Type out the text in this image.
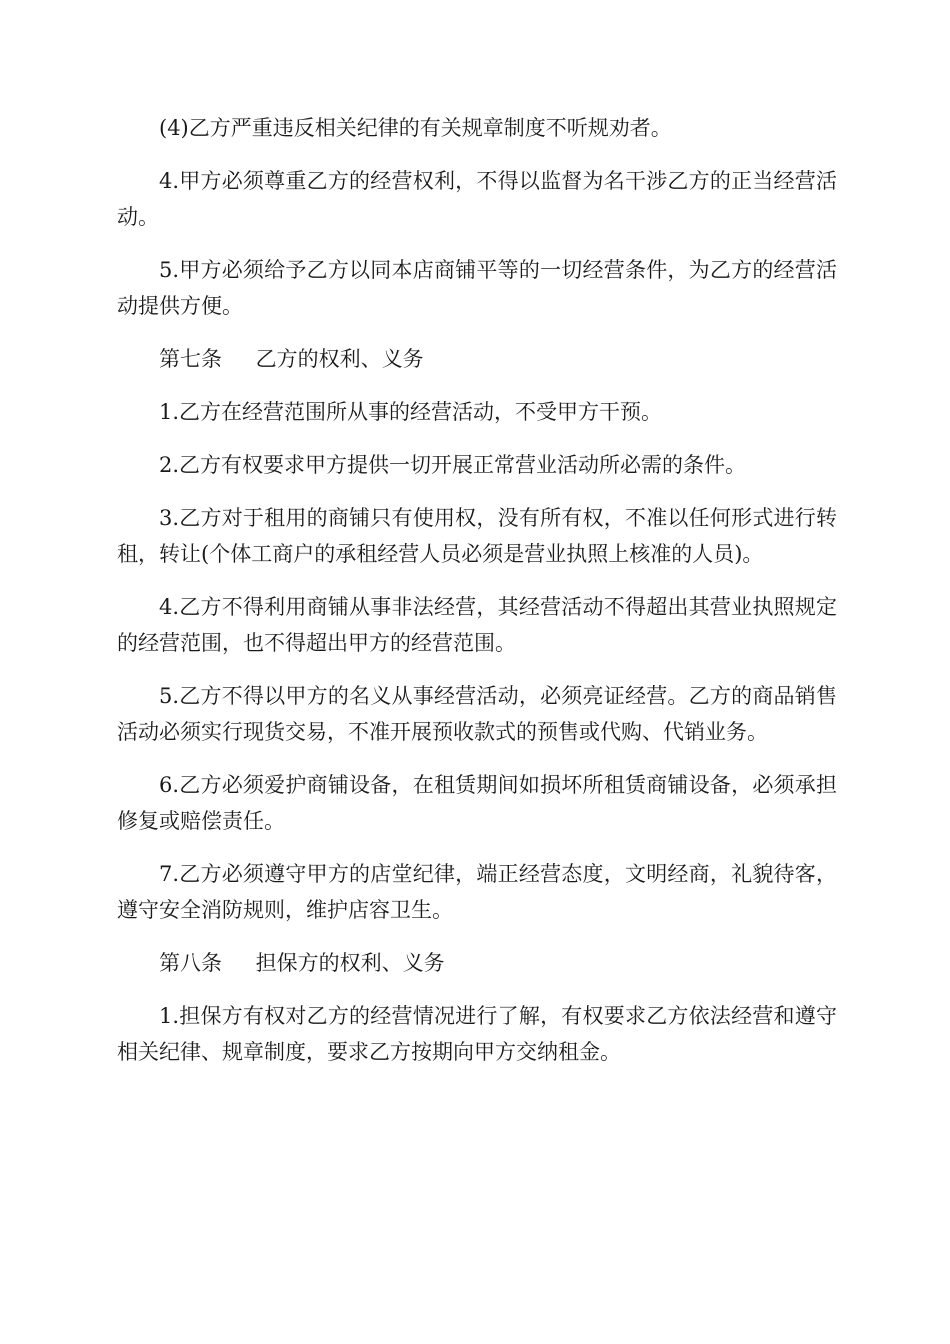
(4)乙方严重违反相关纪律的有关规章制度不听规劝者。

4.甲方必须尊重乙方的经营权利，不得以监督为名干涉乙方的正当经营活动。

5.甲方必须给予乙方以同本店商铺平等的一切经营条件，为乙方的经营活动提供方便。

第七条 乙方的权利、义务

1.乙方在经营范围所从事的经营活动，不受甲方干预。

2.乙方有权要求甲方提供一切开展正常营业活动所必需的条件。

3.乙方对于租用的商铺只有使用权，没有所有权，不准以任何形式进行转租，转让(个体工商户的承租经营人员必须是营业执照上核准的人员)。

4.乙方不得利用商铺从事非法经营，其经营活动不得超出其营业执照规定的经营范围，也不得超出甲方的经营范围。

5.乙方不得以甲方的名义从事经营活动，必须亮证经营。乙方的商品销售活动必须实行现货交易，不准开展预收款式的预售或代购、代销业务。

6.乙方必须爱护商铺设备，在租赁期间如损坏所租赁商铺设备，必须承担修复或赔偿责任。

7.乙方必须遵守甲方的店堂纪律，端正经营态度，文明经商，礼貌待客，遵守安全消防规则，维护店容卫生。

第八条 担保方的权利、义务

1.担保方有权对乙方的经营情况进行了解，有权要求乙方依法经营和遵守相关纪律、规章制度，要求乙方按期向甲方交纳租金。
